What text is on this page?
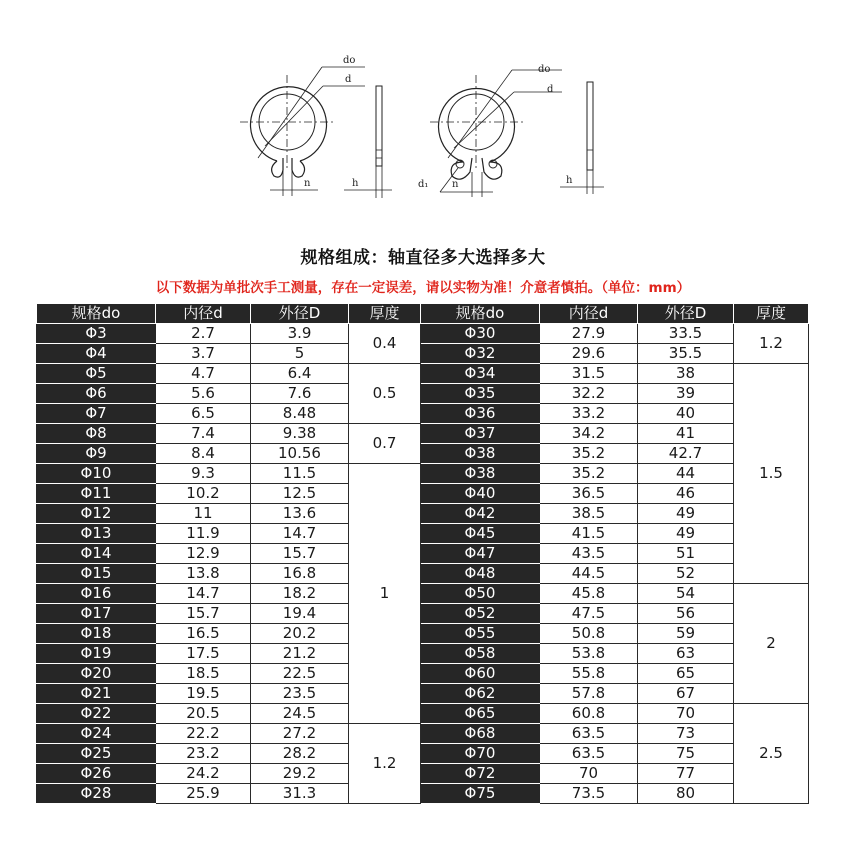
do
d
n	h
do
d
d₁ n	h
规格组成：轴直径多大选择多大
以下数据为单批次手工测量，存在一定误差，请以实物为准！介意者慎拍。（单位：mm）
规格do	内径d	外径D	厚度	规格do	内径d	外径D	厚度
Φ3	2.7	3.9	0.4	Φ30	27.9	33.5	1.2
Φ4	3.7	5		Φ32	29.6	35.5	
Φ5	4.7	6.4	0.5	Φ34	31.5	38	1.5
Φ6	5.6	7.6		Φ35	32.2	39	
Φ7	6.5	8.48		Φ36	33.2	40	
Φ8	7.4	9.38	0.7	Φ37	34.2	41	
Φ9	8.4	10.56		Φ38	35.2	42.7	
Φ10	9.3	11.5	1	Φ38	35.2	44	
Φ11	10.2	12.5		Φ40	36.5	46	
Φ12	11	13.6		Φ42	38.5	49	
Φ13	11.9	14.7		Φ45	41.5	49	
Φ14	12.9	15.7		Φ47	43.5	51	
Φ15	13.8	16.8		Φ48	44.5	52	
Φ16	14.7	18.2		Φ50	45.8	54	2
Φ17	15.7	19.4		Φ52	47.5	56	
Φ18	16.5	20.2		Φ55	50.8	59	
Φ19	17.5	21.2		Φ58	53.8	63	
Φ20	18.5	22.5		Φ60	55.8	65	
Φ21	19.5	23.5		Φ62	57.8	67	
Φ22	20.5	24.5		Φ65	60.8	70	2.5
Φ24	22.2	27.2	1.2	Φ68	63.5	73	
Φ25	23.2	28.2		Φ70	63.5	75	
Φ26	24.2	29.2		Φ72	70	77	
Φ28	25.9	31.3		Φ75	73.5	80	
